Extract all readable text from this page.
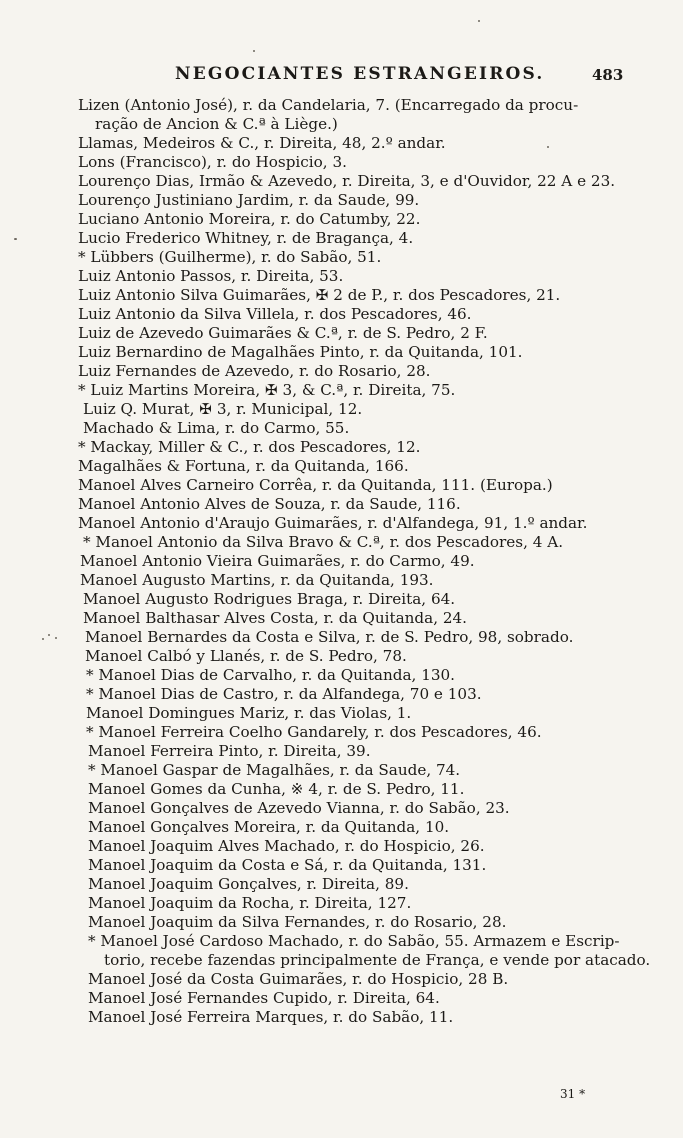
NEGOCIANTES ESTRANGEIROS.	483
Lizen (Antonio José), r. da Candelaria, 7. (Encarregado da procu-
ração de Ancion & C.ª à Liège.)
Llamas, Medeiros & C., r. Direita, 48, 2.º andar.
Lons (Francisco), r. do Hospicio, 3.
Lourenço Dias, Irmão & Azevedo, r. Direita, 3, e d'Ouvidor, 22 A e 23.
Lourenço Justiniano Jardim, r. da Saude, 99.
Luciano Antonio Moreira, r. do Catumby, 22.
Lucio Frederico Whitney, r. de Bragança, 4.
* Lübbers (Guilherme), r. do Sabão, 51.
Luiz Antonio Passos, r. Direita, 53.
Luiz Antonio Silva Guimarães, ✠ 2 de P., r. dos Pescadores, 21.
Luiz Antonio da Silva Villela, r. dos Pescadores, 46.
Luiz de Azevedo Guimarães & C.ª, r. de S. Pedro, 2 F.
Luiz Bernardino de Magalhães Pinto, r. da Quitanda, 101.
Luiz Fernandes de Azevedo, r. do Rosario, 28.
* Luiz Martins Moreira, ✠ 3, & C.ª, r. Direita, 75.
Luiz Q. Murat, ✠ 3, r. Municipal, 12.
Machado & Lima, r. do Carmo, 55.
* Mackay, Miller & C., r. dos Pescadores, 12.
Magalhães & Fortuna, r. da Quitanda, 166.
Manoel Alves Carneiro Corrêa, r. da Quitanda, 111. (Europa.)
Manoel Antonio Alves de Souza, r. da Saude, 116.
Manoel Antonio d'Araujo Guimarães, r. d'Alfandega, 91, 1.º andar.
* Manoel Antonio da Silva Bravo & C.ª, r. dos Pescadores, 4 A.
Manoel Antonio Vieira Guimarães, r. do Carmo, 49.
Manoel Augusto Martins, r. da Quitanda, 193.
Manoel Augusto Rodrigues Braga, r. Direita, 64.
Manoel Balthasar Alves Costa, r. da Quitanda, 24.
Manoel Bernardes da Costa e Silva, r. de S. Pedro, 98, sobrado.
Manoel Calbó y Llanés, r. de S. Pedro, 78.
* Manoel Dias de Carvalho, r. da Quitanda, 130.
* Manoel Dias de Castro, r. da Alfandega, 70 e 103.
Manoel Domingues Mariz, r. das Violas, 1.
* Manoel Ferreira Coelho Gandarely, r. dos Pescadores, 46.
Manoel Ferreira Pinto, r. Direita, 39.
* Manoel Gaspar de Magalhães, r. da Saude, 74.
Manoel Gomes da Cunha, ※ 4, r. de S. Pedro, 11.
Manoel Gonçalves de Azevedo Vianna, r. do Sabão, 23.
Manoel Gonçalves Moreira, r. da Quitanda, 10.
Manoel Joaquim Alves Machado, r. do Hospicio, 26.
Manoel Joaquim da Costa e Sá, r. da Quitanda, 131.
Manoel Joaquim Gonçalves, r. Direita, 89.
Manoel Joaquim da Rocha, r. Direita, 127.
Manoel Joaquim da Silva Fernandes, r. do Rosario, 28.
* Manoel José Cardoso Machado, r. do Sabão, 55. Armazem e Escrip-
torio, recebe fazendas principalmente de França, e vende por atacado.
Manoel José da Costa Guimarães, r. do Hospicio, 28 B.
Manoel José Fernandes Cupido, r. Direita, 64.
Manoel José Ferreira Marques, r. do Sabão, 11.
31 *
